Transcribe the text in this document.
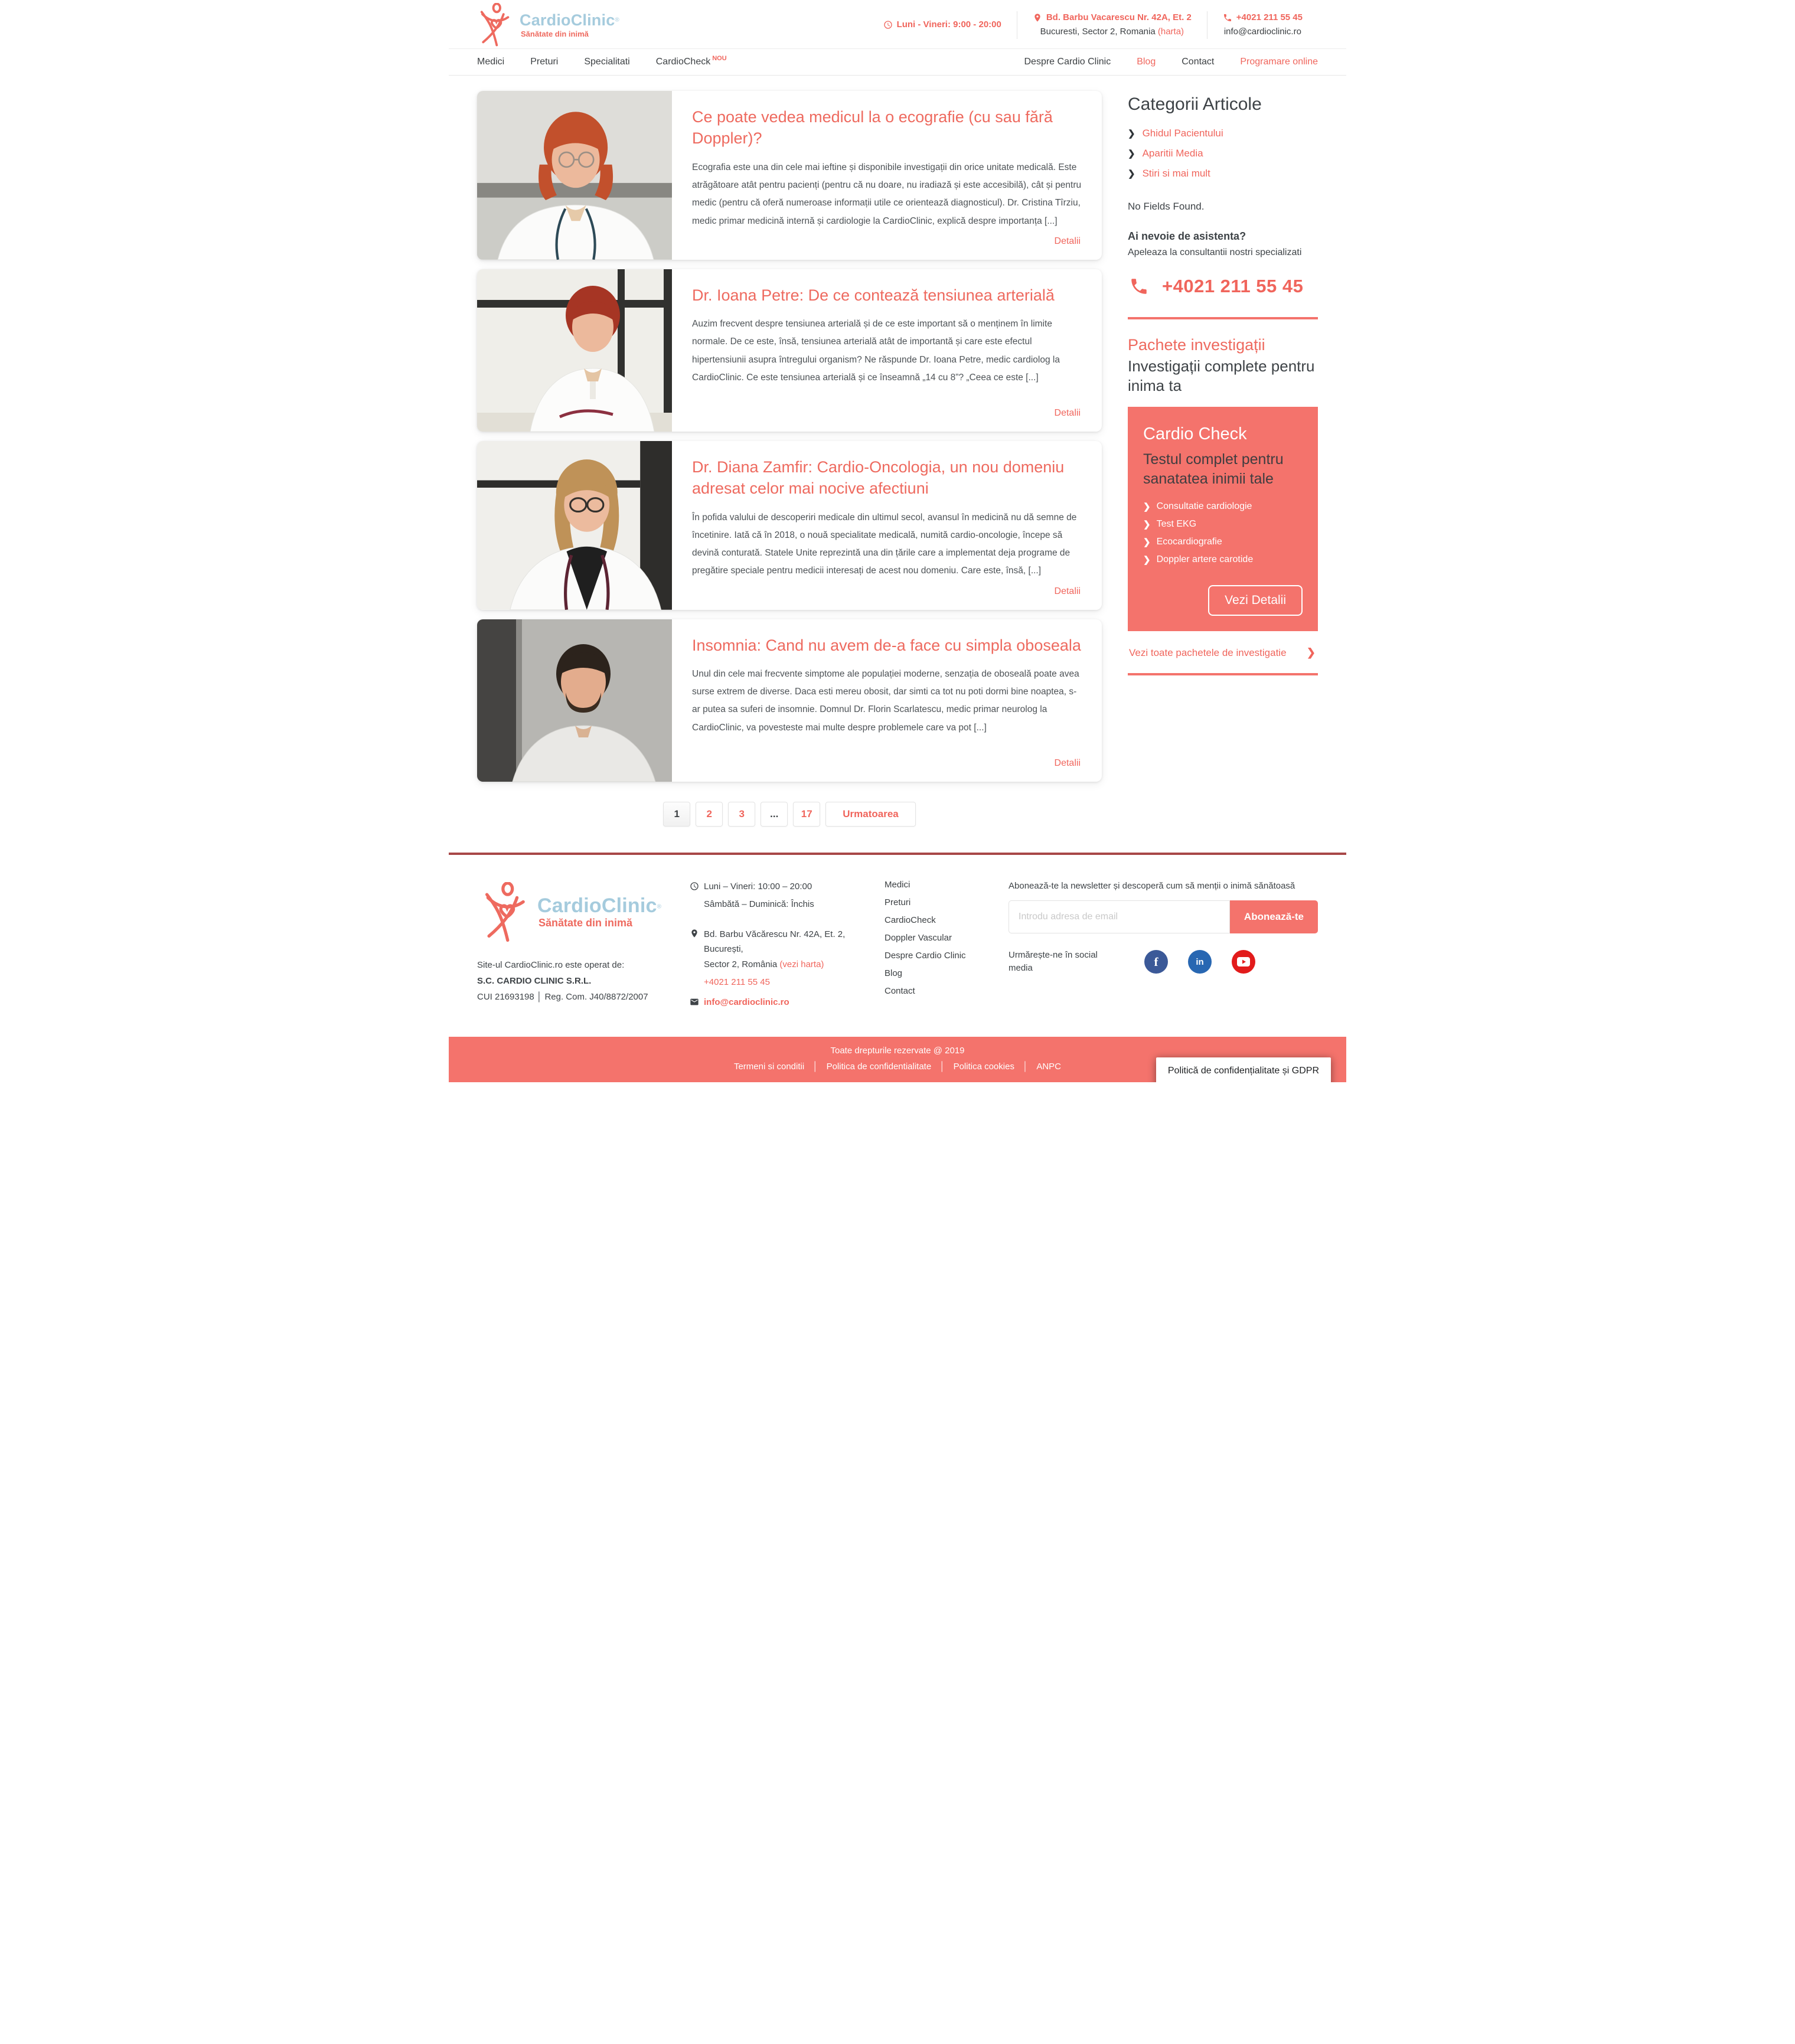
CardioClinic®
Sănătate din inimă
Luni - Vineri: 9:00 - 20:00
Bd. Barbu Vacarescu Nr. 42A, Et. 2
Bucuresti, Sector 2, Romania (harta)
+4021 211 55 45
info@cardioclinic.ro
Medici	Preturi	Specialitati	CardioCheck $^{NOU}$	Despre Cardio Clinic	Blog	Contact	Programare online
Ce poate vedea medicul la o ecografie (cu sau fără Doppler)?

Ecografia este una din cele mai ieftine și disponibile investigații din orice unitate medicală. Este atrăgătoare atât pentru pacienți (pentru că nu doare, nu iradiază și este accesibilă), cât și pentru medic (pentru că oferă numeroase informații utile ce orientează diagnosticul). Dr. Cristina Tîrziu, medic primar medicină internă și cardiologie la CardioClinic, explică despre importanța [...]

Detalii
Dr. Ioana Petre: De ce contează tensiunea arterială

Auzim frecvent despre tensiunea arterială și de ce este important să o menținem în limite normale. De ce este, însă, tensiunea arterială atât de importantă și care este efectul hipertensiunii asupra întregului organism? Ne răspunde Dr. Ioana Petre, medic cardiolog la CardioClinic. Ce este tensiunea arterială și ce înseamnă „14 cu 8”? „Ceea ce este [...]

Detalii
Dr. Diana Zamfir: Cardio-Oncologia, un nou domeniu adresat celor mai nocive afectiuni

În pofida valului de descoperiri medicale din ultimul secol, avansul în medicină nu dă semne de încetinire. Iată că în 2018, o nouă specialitate medicală, numită cardio-oncologie, începe să devină conturată. Statele Unite reprezintă una din țările care a implementat deja programe de pregătire speciale pentru medicii interesați de acest nou domeniu. Care este, însă, [...]

Detalii
Insomnia: Cand nu avem de-a face cu simpla oboseala

Unul din cele mai frecvente simptome ale populației moderne, senzația de oboseală poate avea surse extrem de diverse. Daca esti mereu obosit, dar simti ca tot nu poti dormi bine noaptea, s-ar putea sa suferi de insomnie. Domnul Dr. Florin Scarlatescu, medic primar neurolog la CardioClinic, va povesteste mai multe despre problemele care va pot [...]

Detalii
1	2	3	...	17	Urmatoarea
Categorii Articole
❯ Ghidul Pacientului
❯ Aparitii Media
❯ Stiri si mai mult

No Fields Found.

Ai nevoie de asistenta?

Apeleaza la consultantii nostri specializati

+4021 211 55 45
Pachete investigații
Investigații complete pentru inima ta
Cardio Check
Testul complet pentru sanatatea inimii tale
❯ Consultatie cardiologie
❯ Test EKG
❯ Ecocardiografie
❯ Doppler artere carotide
Vezi Detalii
Vezi toate pachetele de investigatie ❯
CardioClinic®
Sănătate din inimă

Site-ul CardioClinic.ro este operat de:

S.C. CARDIO CLINIC S.R.L.

CUI 21693198 │ Reg. Com. J40/8872/2007

Luni – Vineri: 10:00 – 20:00

Sâmbătă – Duminică: Închis

Bd. Barbu Văcărescu Nr. 42A, Et. 2, București,
Sector 2, România (vezi harta)

+4021 211 55 45

info@cardioclinic.ro
Medici
Preturi
CardioCheck
Doppler Vascular
Despre Cardio Clinic
Blog
Contact

Abonează-te la newsletter și descoperă cum să menții o inimă sănătoasă

Introdu adresa de email
Abonează-te
Urmărește-ne în social media	f	in
Toate drepturile rezervate @ 2019
Termeni si conditii │ Politica de confidentialitate │ Politica cookies │ ANPC	Politică de confidențialitate și GDPR
